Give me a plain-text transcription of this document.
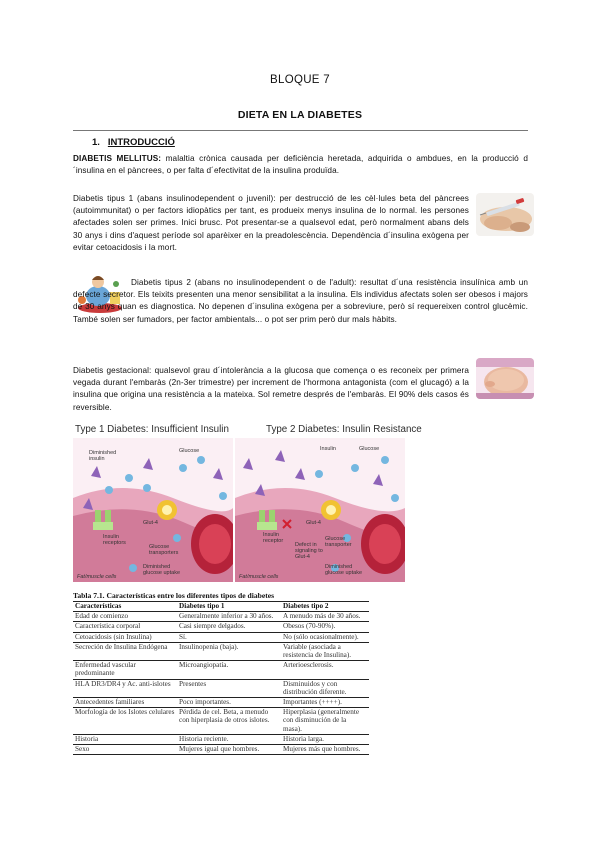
BLOQUE 7
DIETA EN LA DIABETES
1. INTRODUCCIÓ
DIABETIS MELLITUS: malaltia crònica causada per deficiència heretada, adquirida o ambdues, en la producció d´insulina en el pàncrees, o per falta d´efectivitat de la insulina produïda.
Diabetis tipus 1 (abans insulinodependent o juvenil): per destrucció de les cèl·lules beta del pàncrees (autoimmunitat) o per factors idiopàtics per tant, es produeix menys insulina de lo normal. les persones afectades solen ser primes. Inici brusc. Pot presentar-se a qualsevol edat, però normalment abans dels 30 anys i dins d'aquest període sol aparèixer en la preadolescència. Dependència d´insulina exògena per evitar cetoacidosis i la mort.
Diabetis tipus 2 (abans no insulinodependent o de l'adult): resultat d´una resistència insulínica amb un defecte secretor. Els teixits presenten una menor sensibilitat a la insulina. Els individus afectats solen ser obesos i majors de 30 anys quan es diagnostica. No depenen d´insulina exògena per a sobreviure, però sí requereixen control glucèmic. També solen ser fumadors, per factor ambientals... o pot ser prim però dur mals hàbits.
Diabetis gestacional: qualsevol grau d´intolerància a la glucosa que comença o es reconeix per primera vegada durant l'embaràs (2n-3er trimestre) per increment de l'hormona antagonista (com el glucagó) a la insulina que origina una resistència a la mateixa. Sol remetre després de l'embaràs. El 90% dels casos és reversible.
Type 1 Diabetes: Insufficient Insulin	Type 2 Diabetes: Insulin Resistance
Diminished insulin
Glucose
Glut-4
Insulin receptors
Glucose transporters
Diminished glucose uptake
Fat/muscle cells
Insulin	Glucose
Glut-4
Insulin receptor
Defect in signaling to Glut-4
Glucose transporter
Diminished glucose uptake
Fat/muscle cells
Tabla 7.1. Características entre los diferentes tipos de diabetes
Características	Diabetes tipo 1	Diabetes tipo 2
Edad de comienzo	Generalmente inferior a 30 años.	A menudo más de 30 años.
Característica corporal	Casi siempre delgados.	Obesos (70-90%).
Cetoacidosis (sin Insulina)	Sí.	No (sólo ocasionalmente).
Secreción de Insulina Endógena	Insulinopenia (baja).	Variable (asociada a resistencia de Insulina).
Enfermedad vascular predominante	Microangiopatía.	Arterioesclerosis.
HLA DR3/DR4 y Ac. anti-islotes	Presentes	Disminuidos y con distribución diferente.
Antecedentes familiares	Poco importantes.	Importantes (++++).
Morfología de los Islotes celulares	Pérdida de cel. Beta, a menudo con hiperplasia de otros islotes.	Hiperplasia (generalmente con disminución de la masa).
Historia	Historia reciente.	Historia larga.
Sexo	Mujeres igual que hombres.	Mujeres más que hombres.
